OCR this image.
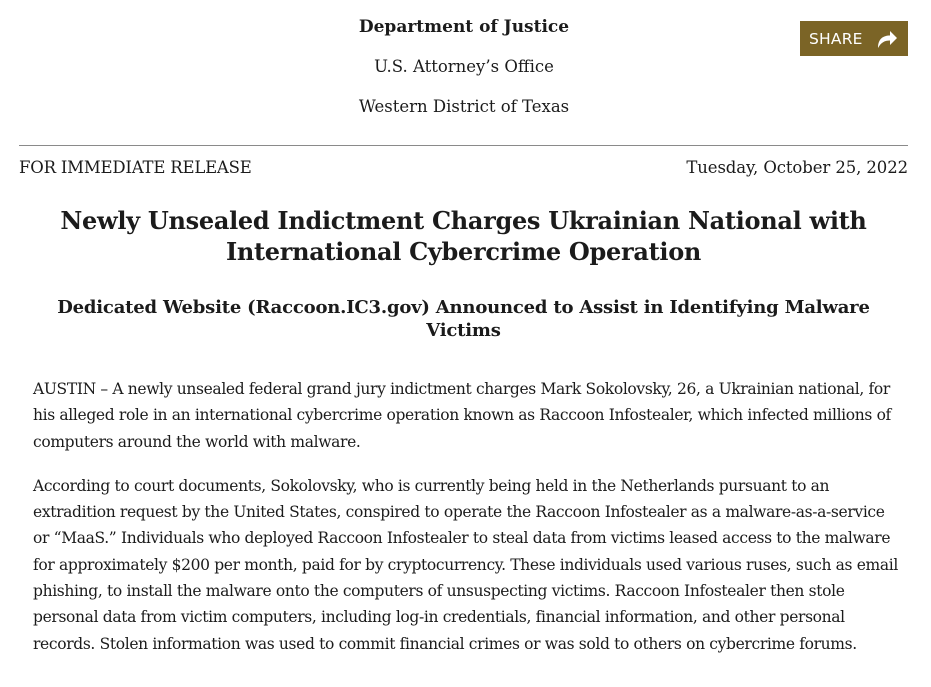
Department of Justice
U.S. Attorney’s Office
Western District of Texas
SHARE
FOR IMMEDIATE RELEASE	Tuesday, October 25, 2022
Newly Unsealed Indictment Charges Ukrainian National with International Cybercrime Operation
Dedicated Website (Raccoon.IC3.gov) Announced to Assist in Identifying Malware Victims

AUSTIN – A newly unsealed federal grand jury indictment charges Mark Sokolovsky, 26, a Ukrainian national, for his alleged role in an international cybercrime operation known as Raccoon Infostealer, which infected millions of computers around the world with malware.

According to court documents, Sokolovsky, who is currently being held in the Netherlands pursuant to an extradition request by the United States, conspired to operate the Raccoon Infostealer as a malware-as-a-service or “MaaS.” Individuals who deployed Raccoon Infostealer to steal data from victims leased access to the malware for approximately $200 per month, paid for by cryptocurrency. These individuals used various ruses, such as email phishing, to install the malware onto the computers of unsuspecting victims. Raccoon Infostealer then stole personal data from victim computers, including log-in credentials, financial information, and other personal records. Stolen information was used to commit financial crimes or was sold to others on cybercrime forums.
